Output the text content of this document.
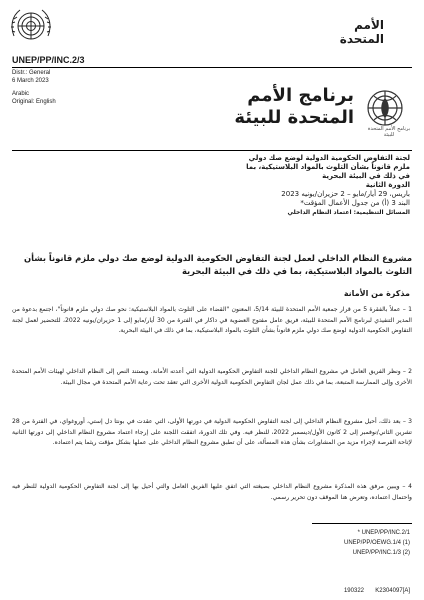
الأمم
المتحدة
UNEP/PP/INC.2/3
Distr.: General
6 March 2023
Arabic
Original: English	برنامج الأمم
المتحدة للبيئة
برنامج الأمم المتحدة للبيئة
لجنة التفاوض الحكومية الدولية لوضع صك دولي
ملزم قانوناً بشأن التلوث بالمواد البلاستيكية، بما
في ذلك في البيئة البحرية
الدورة الثانية
باريس، 29 أيار/مايو – 2 حزيران/يونيه 2023
البند 3 (أ) من جدول الأعمال المؤقت*
المسائل التنظيمية: اعتماد النظام الداخلي
مشروع النظام الداخلي لعمل لجنة التفاوض الحكومية الدولية لوضع صك دولي ملزم قانوناً بشأن التلوث بالمواد البلاستيكية، بما في ذلك في البيئة البحرية
مذكرة من الأمانة
1 – عملاً بالفقرة 5 من قرار جمعية الأمم المتحدة للبيئة 5/14، المعنون "القضاء على التلوث بالمواد البلاستيكية: نحو صك دولي ملزم قانوناً"، اجتمع بدعوة من المدير التنفيذي لبرنامج الأمم المتحدة للبيئة، فريق عامل مفتوح العضوية في داكار في الفترة من 30 أيار/مايو إلى 1 حزيران/يونيه 2022، للتحضير لعمل لجنة التفاوض الحكومية الدولية لوضع صك دولي ملزم قانوناً بشأن التلوث بالمواد البلاستيكية، بما في ذلك في البيئة البحرية.
2 – ونظر الفريق العامل في مشروع النظام الداخلي للجنة التفاوض الحكومية الدولية التي أعدته الأمانة. ويستند النص إلى النظام الداخلي لهيئات الأمم المتحدة الأخرى وإلى الممارسة المتبعة، بما في ذلك عمل لجان التفاوض الحكومية الدولية الأخرى التي تعقد تحت رعاية الأمم المتحدة في مجال البيئة.
3 – بعد ذلك، أحيل مشروع النظام الداخلي إلى لجنة التفاوض الحكومية الدولية في دورتها الأولى، التي عقدت في بونتا دل إستي، أوروغواي، في الفترة من 28 تشرين الثاني/نوفمبر إلى 2 كانون الأول/ديسمبر 2022، للنظر فيه. وفي تلك الدورة، اتفقت اللجنة على إرجاء اعتماد مشروع النظام الداخلي إلى دورتها الثانية لإتاحة الفرصة لإجراء مزيد من المشاورات بشأن هذه المسألة، على أن تطبق مشروع النظام الداخلي على عملها بشكل مؤقت ريثما يتم اعتماده.
4 – ويبين مرفق هذه المذكرة مشروع النظام الداخلي بصيغته التي اتفق عليها الفريق العامل والتي أحيل بها إلى لجنة التفاوض الحكومية الدولية للنظر فيه واحتمال اعتماده، وتعرض هنا الموقف دون تحرير رسمي.
UNEP/PP/INC.2/1 *
UNEP/PP/OEWG.1/4 (1)
UNEP/PP/INC.1/3 (2)
190322 K2304097[A]
